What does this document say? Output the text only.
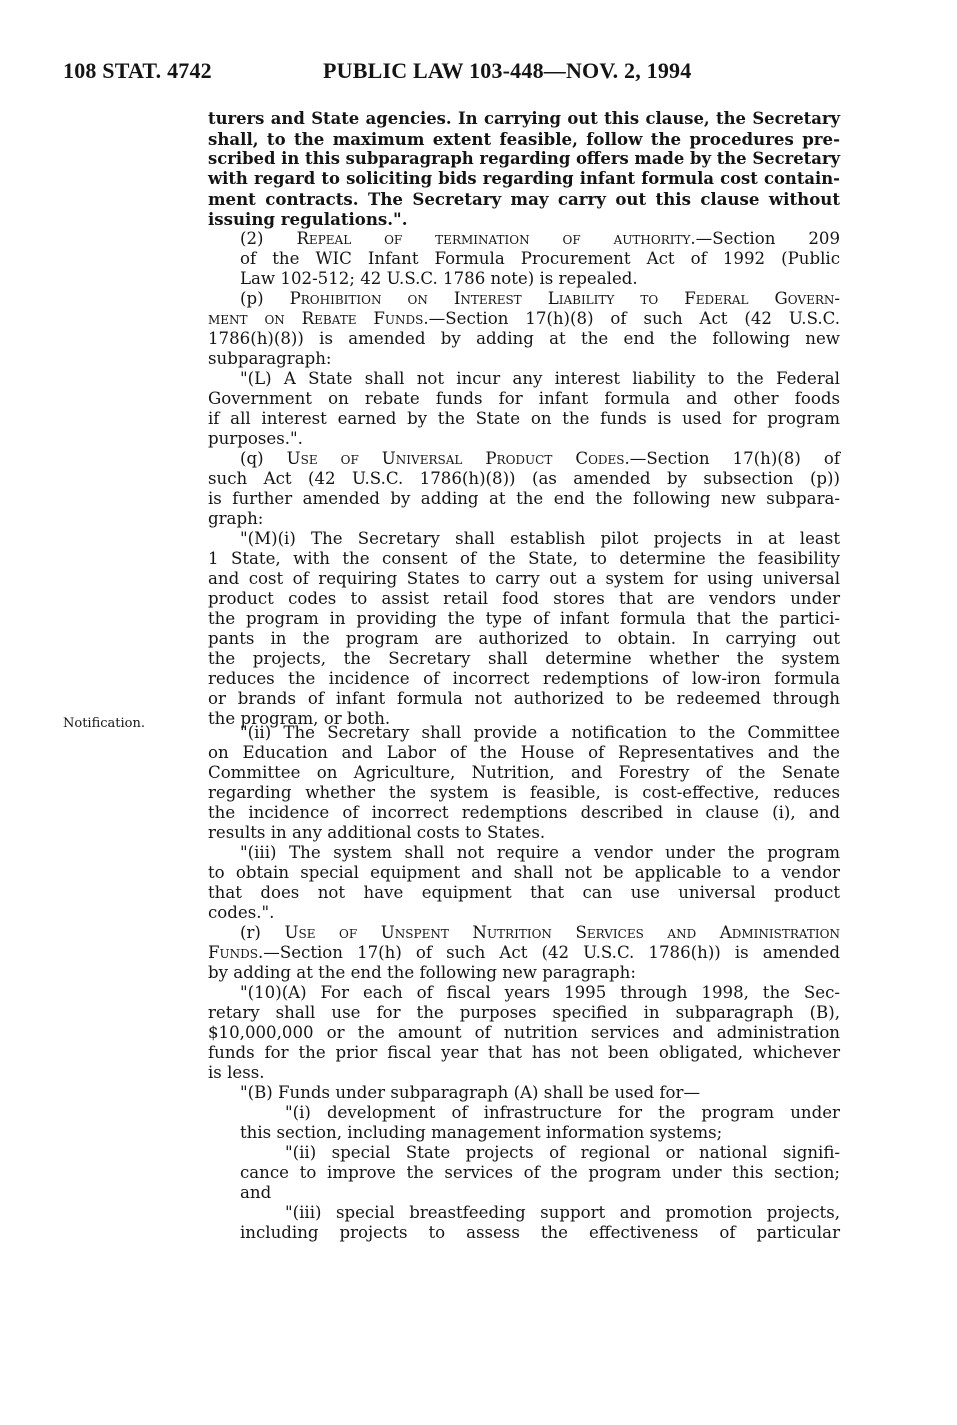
108 STAT. 4742	PUBLIC LAW 103-448—NOV. 2, 1994
Notification.
turers and State agencies. In carrying out this clause, the Secretary
shall, to the maximum extent feasible, follow the procedures pre-
scribed in this subparagraph regarding offers made by the Secretary
with regard to soliciting bids regarding infant formula cost contain-
ment contracts. The Secretary may carry out this clause without
issuing regulations.".
(2) Repeal of termination of authority.—Section 209
of the WIC Infant Formula Procurement Act of 1992 (Public
Law 102-512; 42 U.S.C. 1786 note) is repealed.
(p) Prohibition on Interest Liability to Federal Govern-
ment on Rebate Funds.—Section 17(h)(8) of such Act (42 U.S.C.
1786(h)(8)) is amended by adding at the end the following new
subparagraph:
"(L) A State shall not incur any interest liability to the Federal
Government on rebate funds for infant formula and other foods
if all interest earned by the State on the funds is used for program
purposes.".
(q) Use of Universal Product Codes.—Section 17(h)(8) of
such Act (42 U.S.C. 1786(h)(8)) (as amended by subsection (p))
is further amended by adding at the end the following new subpara-
graph:
"(M)(i) The Secretary shall establish pilot projects in at least
1 State, with the consent of the State, to determine the feasibility
and cost of requiring States to carry out a system for using universal
product codes to assist retail food stores that are vendors under
the program in providing the type of infant formula that the partici-
pants in the program are authorized to obtain. In carrying out
the projects, the Secretary shall determine whether the system
reduces the incidence of incorrect redemptions of low-iron formula
or brands of infant formula not authorized to be redeemed through
the program, or both.
"(ii) The Secretary shall provide a notification to the Committee
on Education and Labor of the House of Representatives and the
Committee on Agriculture, Nutrition, and Forestry of the Senate
regarding whether the system is feasible, is cost-effective, reduces
the incidence of incorrect redemptions described in clause (i), and
results in any additional costs to States.
"(iii) The system shall not require a vendor under the program
to obtain special equipment and shall not be applicable to a vendor
that does not have equipment that can use universal product
codes.".
(r) Use of Unspent Nutrition Services and Administration
Funds.—Section 17(h) of such Act (42 U.S.C. 1786(h)) is amended
by adding at the end the following new paragraph:
"(10)(A) For each of fiscal years 1995 through 1998, the Sec-
retary shall use for the purposes specified in subparagraph (B),
$10,000,000 or the amount of nutrition services and administration
funds for the prior fiscal year that has not been obligated, whichever
is less.
"(B) Funds under subparagraph (A) shall be used for—
"(i) development of infrastructure for the program under
this section, including management information systems;
"(ii) special State projects of regional or national signifi-
cance to improve the services of the program under this section;
and
"(iii) special breastfeeding support and promotion projects,
including projects to assess the effectiveness of particular
